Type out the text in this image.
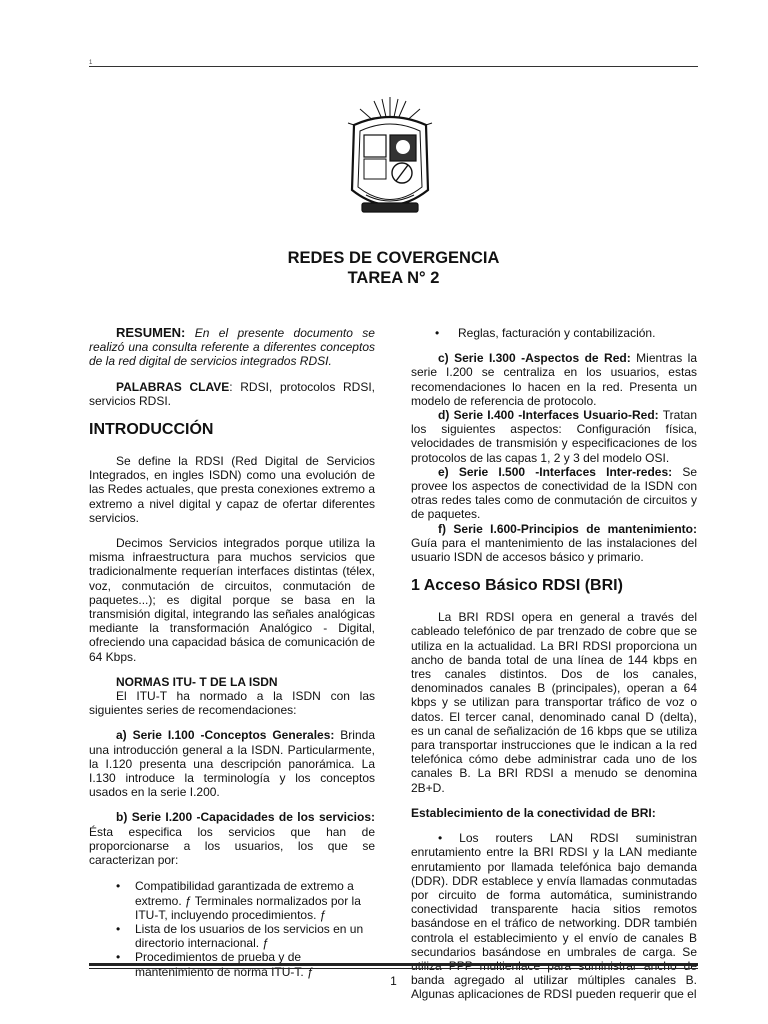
1
REDES DE COVERGENCIA
TAREA N° 2

RESUMEN: En el presente documento se realizó una consulta referente a diferentes conceptos de la red digital de servicios integrados RDSI.

PALABRAS CLAVE: RDSI, protocolos RDSI, servicios RDSI.

INTRODUCCIÓN

Se define la RDSI (Red Digital de Servicios Integrados, en ingles ISDN) como una evolución de las Redes actuales, que presta conexiones extremo a extremo a nivel digital y capaz de ofertar diferentes servicios.

Decimos Servicios integrados porque utiliza la misma infraestructura para muchos servicios que tradicionalmente requerían interfaces distintas (télex, voz, conmutación de circuitos, conmutación de paquetes...); es digital porque se basa en la transmisión digital, integrando las señales analógicas mediante la transformación Analógico - Digital, ofreciendo una capacidad básica de comunicación de 64 Kbps.

NORMAS ITU- T DE LA ISDN

El ITU-T ha normado a la ISDN con las siguientes series de recomendaciones:

a) Serie I.100 -Conceptos Generales: Brinda una introducción general a la ISDN. Particularmente, la I.120 presenta una descripción panorámica. La I.130 introduce la terminología y los conceptos usados en la serie I.200.

b) Serie I.200 -Capacidades de los servicios: Ésta especifica los servicios que han de proporcionarse a los usuarios, los que se caracterizan por:

• Compatibilidad garantizada de extremo a extremo. ƒ Terminales normalizados por la ITU-T, incluyendo procedimientos. ƒ
• Lista de los usuarios de los servicios en un directorio internacional. ƒ
• Procedimientos de prueba y de mantenimiento de norma ITU-T. ƒ
• Reglas, facturación y contabilización.

c) Serie I.300 -Aspectos de Red: Mientras la serie I.200 se centraliza en los usuarios, estas recomendaciones lo hacen en la red. Presenta un modelo de referencia de protocolo.

d) Serie I.400 -Interfaces Usuario-Red: Tratan los siguientes aspectos: Configuración física, velocidades de transmisión y especificaciones de los protocolos de las capas 1, 2 y 3 del modelo OSI.

e) Serie I.500 -Interfaces Inter-redes: Se provee los aspectos de conectividad de la ISDN con otras redes tales como de conmutación de circuitos y de paquetes.

f) Serie I.600-Principios de mantenimiento: Guía para el mantenimiento de las instalaciones del usuario ISDN de accesos básico y primario.

1 Acceso Básico RDSI (BRI)

La BRI RDSI opera en general a través del cableado telefónico de par trenzado de cobre que se utiliza en la actualidad. La BRI RDSI proporciona un ancho de banda total de una línea de 144 kbps en tres canales distintos. Dos de los canales, denominados canales B (principales), operan a 64 kbps y se utilizan para transportar tráfico de voz o datos. El tercer canal, denominado canal D (delta), es un canal de señalización de 16 kbps que se utiliza para transportar instrucciones que le indican a la red telefónica cómo debe administrar cada uno de los canales B. La BRI RDSI a menudo se denomina 2B+D.

Establecimiento de la conectividad de BRI:

• Los routers LAN RDSI suministran enrutamiento entre la BRI RDSI y la LAN mediante enrutamiento por llamada telefónica bajo demanda (DDR). DDR establece y envía llamadas conmutadas por circuito de forma automática, suministrando conectividad transparente hacia sitios remotos basándose en el tráfico de networking. DDR también controla el establecimiento y el envío de canales B secundarios basándose en umbrales de carga. Se utiliza PPP multienlace para suministrar ancho de banda agregado al utilizar múltiples canales B. Algunas aplicaciones de RDSI pueden requerir que el

1
